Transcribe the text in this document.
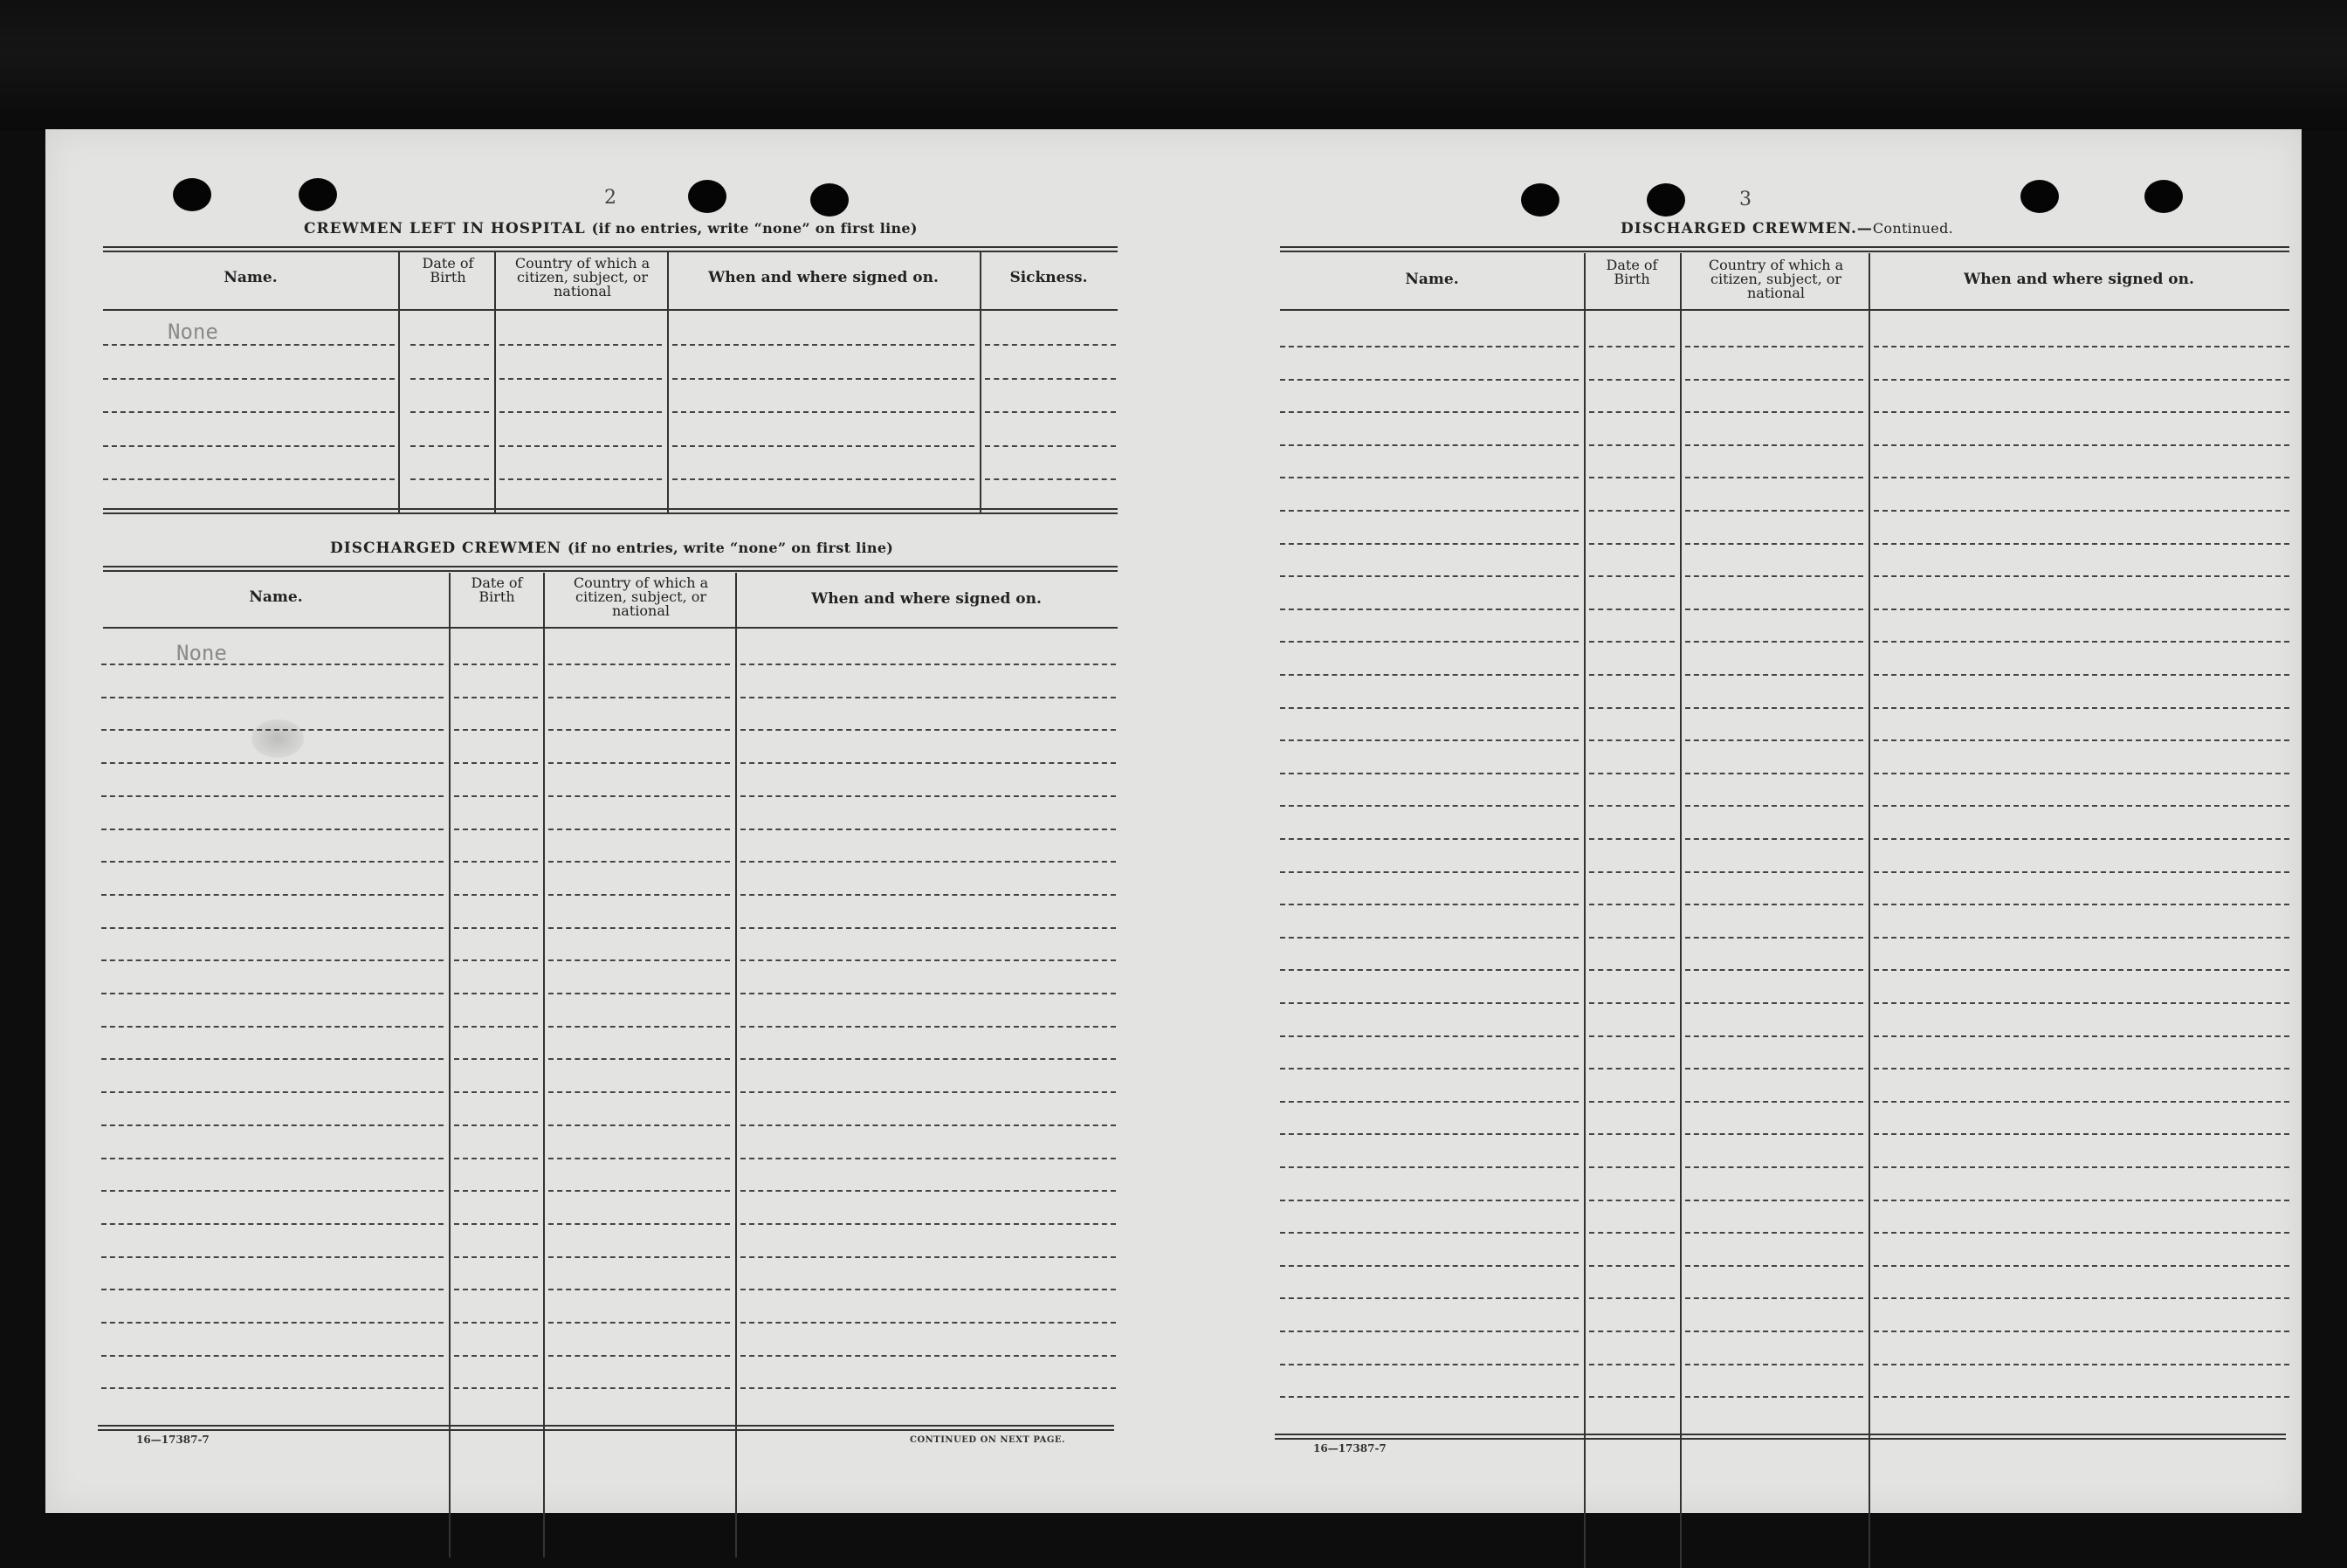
2
CREWMEN LEFT IN HOSPITAL (if no entries, write “none” on first line)
Name.
Date of Birth
Country of which a citizen, subject, or national
When and where signed on.	Sickness.
None
DISCHARGED CREWMEN (if no entries, write “none” on first line)
Name.
Date of Birth
Country of which a citizen, subject, or national
When and where signed on.
None
16—17387-7	CONTINUED ON NEXT PAGE.
3
DISCHARGED CREWMEN.—Continued.
Name.
Date of Birth
Country of which a citizen, subject, or national
When and where signed on.
16—17387-7
